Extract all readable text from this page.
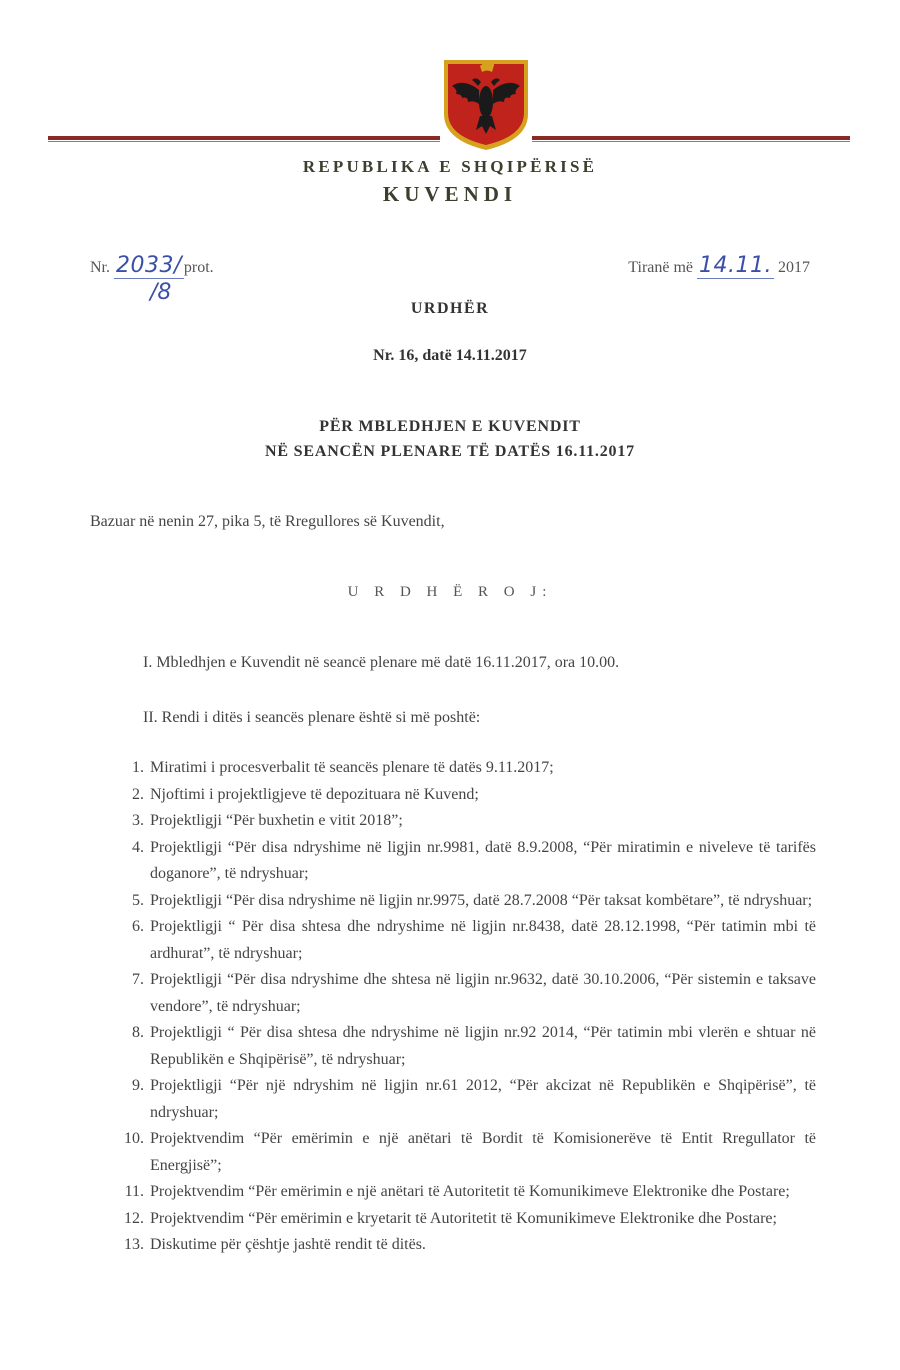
REPUBLIKA E SHQIPËRISË
KUVENDI
Nr. 2033/ prot.
/8
Tiranë më 14.11. 2017
URDHËR
Nr. 16, datë 14.11.2017
PËR MBLEDHJEN E KUVENDIT
NË SEANCËN PLENARE TË DATËS 16.11.2017
Bazuar në nenin 27, pika 5, të Rregullores së Kuvendit,
U R D H Ë R O J:
I. Mbledhjen e Kuvendit në seancë plenare më datë 16.11.2017, ora 10.00.
II. Rendi i ditës i seancës plenare është si më poshtë:
1. Miratimi i procesverbalit të seancës plenare të datës 9.11.2017;
2. Njoftimi i projektligjeve të depozituara në Kuvend;
3. Projektligji “Për buxhetin e vitit 2018”;
4. Projektligji “Për disa ndryshime në ligjin nr.9981, datë 8.9.2008, “Për miratimin e niveleve të tarifës doganore”, të ndryshuar;
5. Projektligji “Për disa ndryshime në ligjin nr.9975, datë 28.7.2008 “Për taksat kombëtare”, të ndryshuar;
6. Projektligji “ Për disa shtesa dhe ndryshime në ligjin nr.8438, datë 28.12.1998, “Për tatimin mbi të ardhurat”, të ndryshuar;
7. Projektligji “Për disa ndryshime dhe shtesa në ligjin nr.9632, datë 30.10.2006, “Për sistemin e taksave vendore”, të ndryshuar;
8. Projektligji “ Për disa shtesa dhe ndryshime në ligjin nr.92 2014, “Për tatimin mbi vlerën e shtuar në Republikën e Shqipërisë”, të ndryshuar;
9. Projektligji “Për një ndryshim në ligjin nr.61 2012, “Për akcizat në Republikën e Shqipërisë”, të ndryshuar;
10. Projektvendim “Për emërimin e një anëtari të Bordit të Komisionerëve të Entit Rregullator të Energjisë”;
11. Projektvendim “Për emërimin e një anëtari të Autoritetit të Komunikimeve Elektronike dhe Postare;
12. Projektvendim “Për emërimin e kryetarit të Autoritetit të Komunikimeve Elektronike dhe Postare;
13. Diskutime për çështje jashtë rendit të ditës.
